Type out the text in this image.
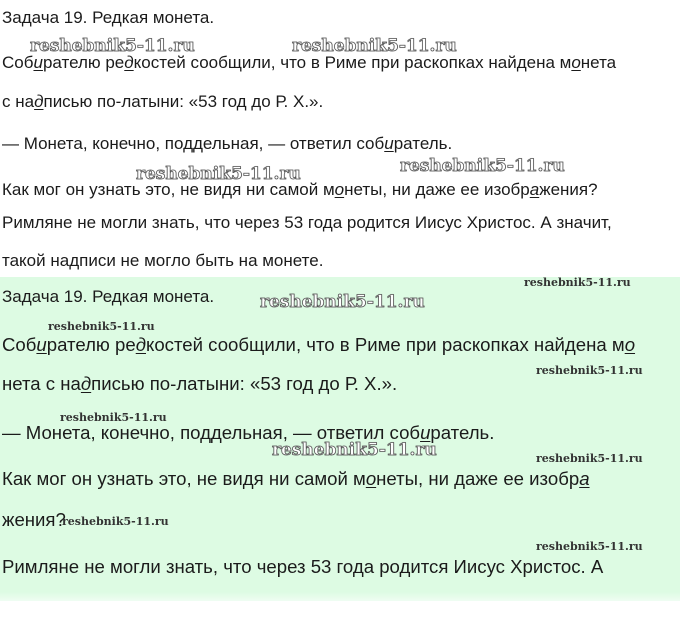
Задача 19. Редкая монета.

Собирателю редкостей сообщили, что в Риме при раскопках найдена монета

с надписью по-латыни: «53 год до Р. Х.».

— Монета, конечно, поддельная, — ответил собиратель.

Как мог он узнать это, не видя ни самой монеты, ни даже ее изображения?

Римляне не могли знать, что через 53 года родится Иисус Христос. А значит,

такой надписи не могло быть на монете.

Задача 19. Редкая монета.

Собирателю редкостей сообщили, что в Риме при раскопках найдена мо

нета с надписью по-латыни: «53 год до Р. Х.».

— Монета, конечно, поддельная, — ответил собиратель.

Как мог он узнать это, не видя ни самой монеты, ни даже ее изобра

жения?

Римляне не могли знать, что через 53 года родится Иисус Христос. А

reshebnik5-11.ru	reshebnik5-11.ru
reshebnik5-11.ru	reshebnik5-11.ru
reshebnik5-11.ru
reshebnik5-11.ru
reshebnik5-11.ru
reshebnik5-11.ru
reshebnik5-11.ru
reshebnik5-11.ru	reshebnik5-11.ru
reshebnik5-11.ru
reshebnik5-11.ru
